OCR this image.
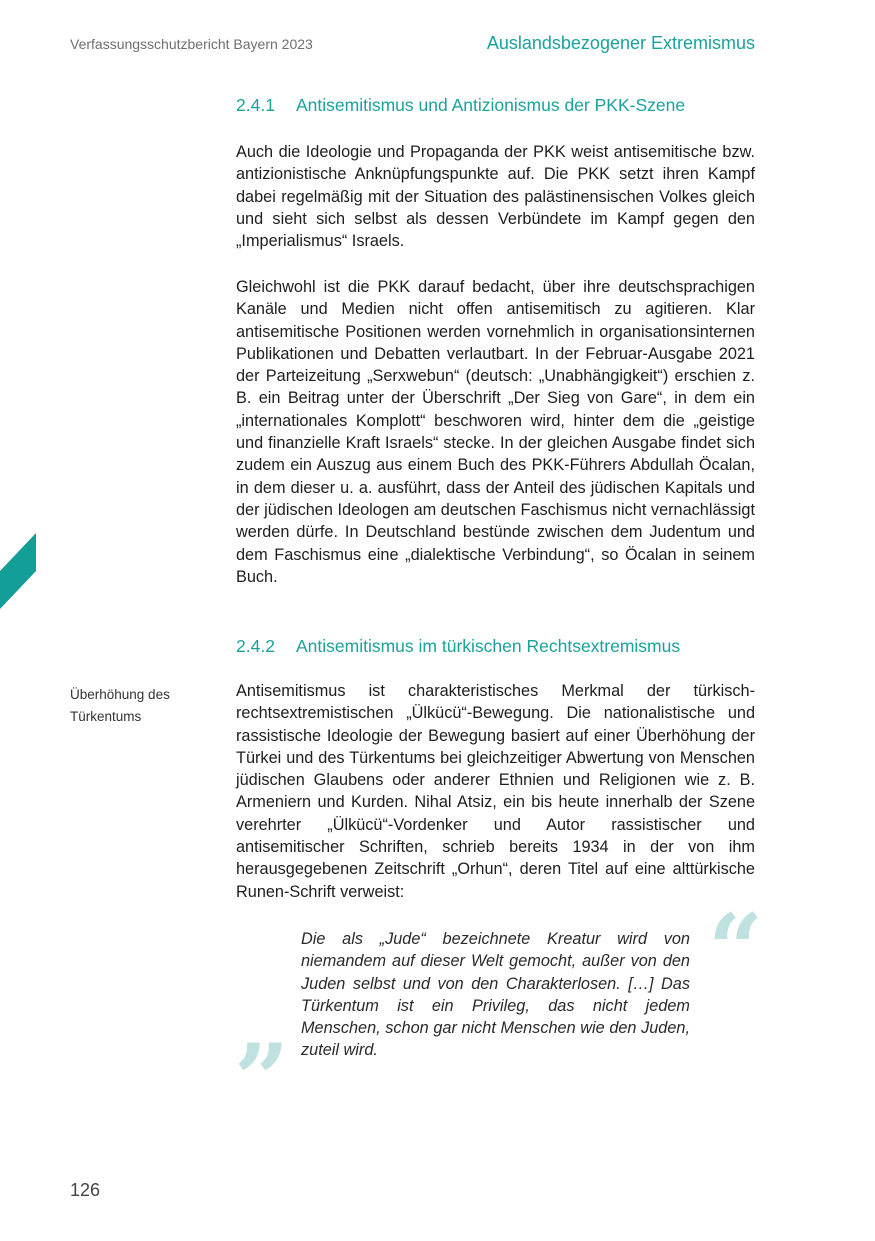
Verfassungsschutzbericht Bayern 2023	Auslandsbezogener Extremismus
2.4.1 Antisemitismus und Antizionismus der PKK-Szene

Auch die Ideologie und Propaganda der PKK weist antisemitische bzw. antizionistische Anknüpfungspunkte auf. Die PKK setzt ihren Kampf dabei regelmäßig mit der Situation des palästinensischen Volkes gleich und sieht sich selbst als dessen Verbündete im Kampf gegen den „Imperialismus“ Israels.

Gleichwohl ist die PKK darauf bedacht, über ihre deutschsprachigen Kanäle und Medien nicht offen antisemitisch zu agitieren. Klar antisemitische Positionen werden vornehmlich in organisationsinternen Publikationen und Debatten verlautbart. In der Februar-Ausgabe 2021 der Parteizeitung „Serxwebun“ (deutsch: „Unabhängigkeit“) erschien z. B. ein Beitrag unter der Überschrift „Der Sieg von Gare“, in dem ein „internationales Komplott“ beschworen wird, hinter dem die „geistige und finanzielle Kraft Israels“ stecke. In der gleichen Ausgabe findet sich zudem ein Auszug aus einem Buch des PKK-Führers Abdullah Öcalan, in dem dieser u. a. ausführt, dass der Anteil des jüdischen Kapitals und der jüdischen Ideologen am deutschen Faschismus nicht vernachlässigt werden dürfe. In Deutschland bestünde zwischen dem Judentum und dem Faschismus eine „dialektische Verbindung“, so Öcalan in seinem Buch.

2.4.2 Antisemitismus im türkischen Rechtsextremismus
Überhöhung des Türkentums

Antisemitismus ist charakteristisches Merkmal der türkisch-rechtsextremistischen „Ülkücü“-Bewegung. Die nationalistische und rassistische Ideologie der Bewegung basiert auf einer Überhöhung der Türkei und des Türkentums bei gleichzeitiger Abwertung von Menschen jüdischen Glaubens oder anderer Ethnien und Religionen wie z. B. Armeniern und Kurden. Nihal Atsiz, ein bis heute innerhalb der Szene verehrter „Ülkücü“-Vordenker und Autor rassistischer und antisemitischer Schriften, schrieb bereits 1934 in der von ihm herausgegebenen Zeitschrift „Orhun“, deren Titel auf eine alttürkische Runen-Schrift verweist:

“

Die als „Jude“ bezeichnete Kreatur wird von niemandem auf dieser Welt gemocht, außer von den Juden selbst und von den Charakterlosen. […] Das Türkentum ist ein Privileg, das nicht jedem Menschen, schon gar nicht Menschen wie den Juden, zuteil wird.

”
126
